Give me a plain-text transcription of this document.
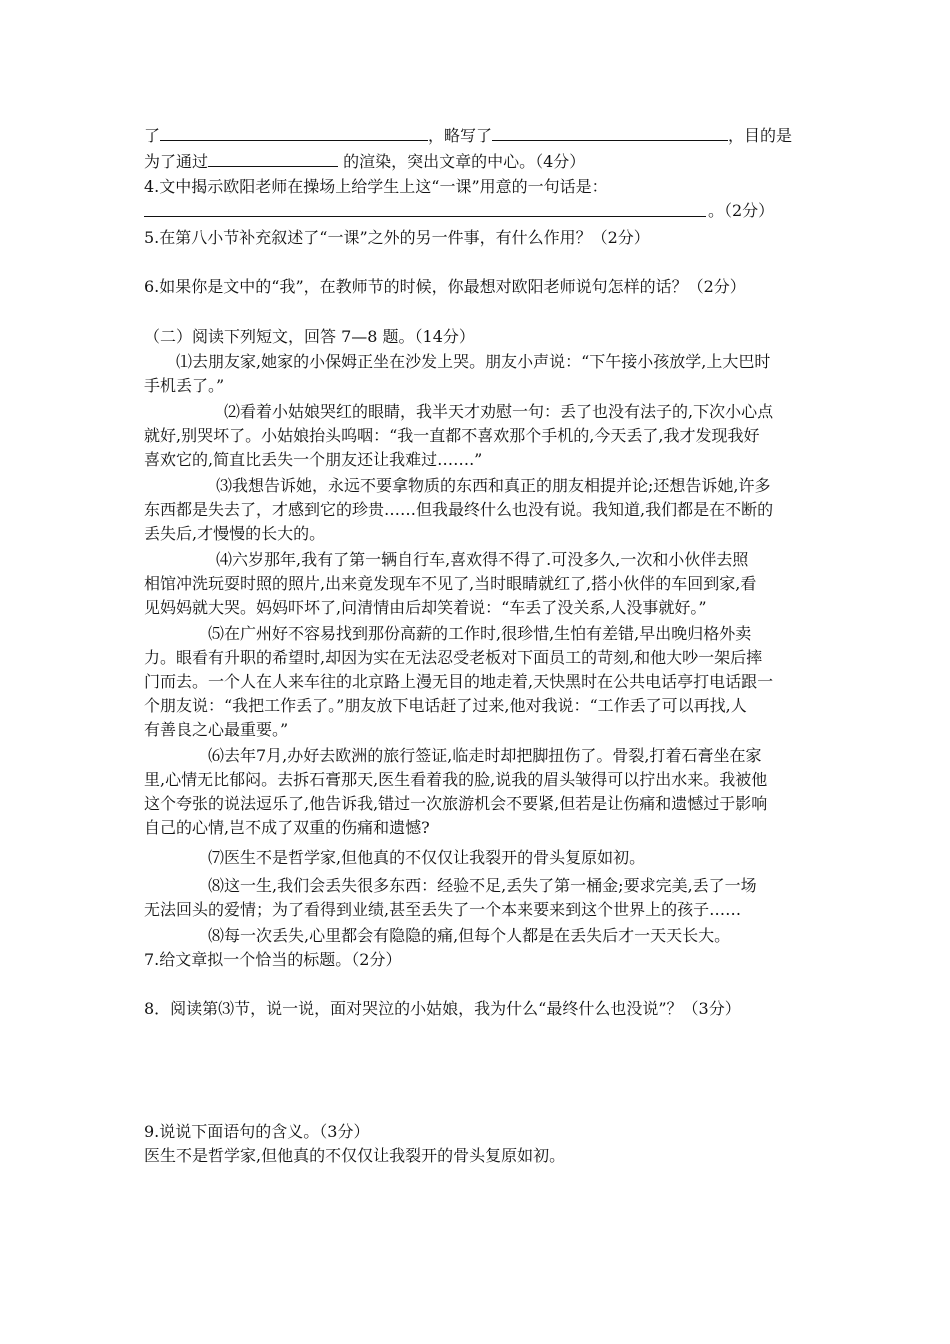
了	，略写了	，目的是
为了通过	的渲染，突出文章的中心。（4分）
4.文中揭示欧阳老师在操场上给学生上这“一课”用意的一句话是：
。（2分）
5.在第八小节补充叙述了“一课”之外的另一件事，有什么作用？（2分）
6.如果你是文中的“我”，在教师节的时候，你最想对欧阳老师说句怎样的话？（2分）
（二）阅读下列短文，回答 7—8 题。（14分）
⑴去朋友家,她家的小保姆正坐在沙发上哭。朋友小声说：“下午接小孩放学,上大巴时
手机丢了。”
⑵看着小姑娘哭红的眼睛，我半天才劝慰一句：丢了也没有法子的,下次小心点
就好,别哭坏了。小姑娘抬头呜咽：“我一直都不喜欢那个手机的,今天丢了,我才发现我好
喜欢它的,简直比丢失一个朋友还让我难过…….”
⑶我想告诉她，永远不要拿物质的东西和真正的朋友相提并论;还想告诉她,许多
东西都是失去了，才感到它的珍贵……但我最终什么也没有说。我知道,我们都是在不断的
丢失后,才慢慢的长大的。
⑷六岁那年,我有了第一辆自行车,喜欢得不得了.可没多久,一次和小伙伴去照
相馆冲洗玩耍时照的照片,出来竟发现车不见了,当时眼睛就红了,搭小伙伴的车回到家,看
见妈妈就大哭。妈妈吓坏了,问清情由后却笑着说：“车丢了没关系,人没事就好。”
⑸在广州好不容易找到那份高薪的工作时,很珍惜,生怕有差错,早出晚归格外卖
力。眼看有升职的希望时,却因为实在无法忍受老板对下面员工的苛刻,和他大吵一架后摔
门而去。一个人在人来车往的北京路上漫无目的地走着,天快黑时在公共电话亭打电话跟一
个朋友说：“我把工作丢了。”朋友放下电话赶了过来,他对我说：“工作丢了可以再找,人
有善良之心最重要。”
⑹去年7月,办好去欧洲的旅行签证,临走时却把脚扭伤了。骨裂,打着石膏坐在家
里,心情无比郁闷。去拆石膏那天,医生看着我的脸,说我的眉头皱得可以拧出水来。我被他
这个夸张的说法逗乐了,他告诉我,错过一次旅游机会不要紧,但若是让伤痛和遗憾过于影响
自己的心情,岂不成了双重的伤痛和遗憾?
⑺医生不是哲学家,但他真的不仅仅让我裂开的骨头复原如初。
⑻这一生,我们会丢失很多东西：经验不足,丢失了第一桶金;要求完美,丢了一场
无法回头的爱情；为了看得到业绩,甚至丢失了一个本来要来到这个世界上的孩子……
⑻每一次丢失,心里都会有隐隐的痛,但每个人都是在丢失后才一天天长大。
7.给文章拟一个恰当的标题。（2分）
8．阅读第⑶节，说一说，面对哭泣的小姑娘，我为什么“最终什么也没说”？（3分）
9.说说下面语句的含义。（3分）
医生不是哲学家,但他真的不仅仅让我裂开的骨头复原如初。
